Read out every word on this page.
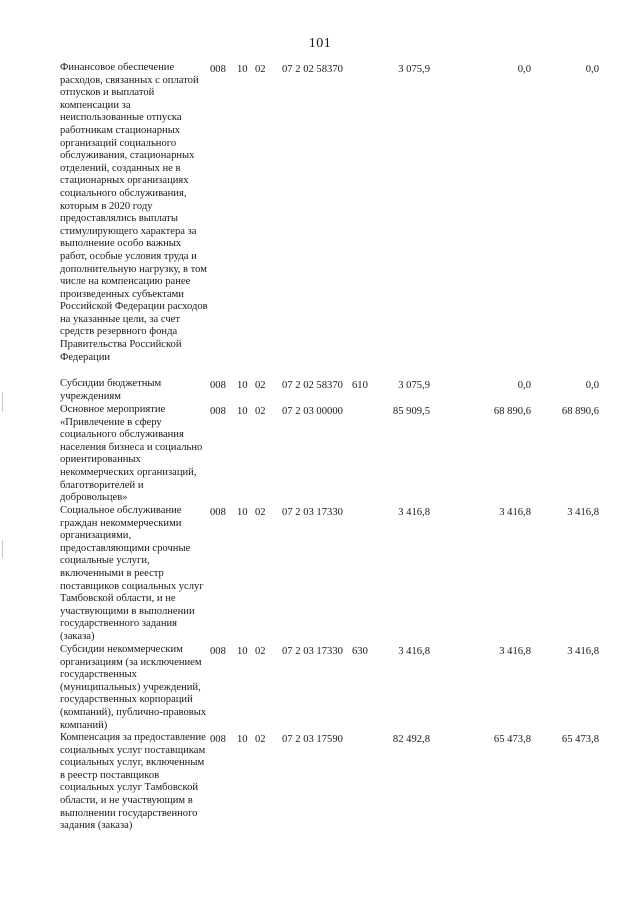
101
Финансовое обеспечение расходов, связанных с оплатой отпусков и выплатой компенсации за неиспользованные отпуска работникам стационарных организаций социального обслуживания, стационарных отделений, созданных не в стационарных организациях социального обслуживания, которым в 2020 году предоставлялись выплаты стимулирующего характера за выполнение особо важных работ, особые условия труда и дополнительную нагрузку, в том числе на компенсацию ранее произведенных субъектами Российской Федерации расходов на указанные цели, за счет средств резервного фонда Правительства Российской Федерации
008 10 02 07 2 02 58370	3 075,9	0,0	0,0
Субсидии бюджетным учреждениям
008 10 02 07 2 02 58370 610	3 075,9	0,0	0,0
Основное мероприятие «Привлечение в сферу социального обслуживания населения бизнеса и социально ориентированных некоммерческих организаций, благотворителей и добровольцев»
008 10 02 07 2 03 00000	85 909,5	68 890,6	68 890,6
Социальное обслуживание граждан некоммерческими организациями, предоставляющими срочные социальные услуги, включенными в реестр поставщиков социальных услуг Тамбовской области, и не участвующими в выполнении государственного задания (заказа)
008 10 02 07 2 03 17330	3 416,8	3 416,8	3 416,8
Субсидии некоммерческим организациям (за исключением государственных (муниципальных) учреждений, государственных корпораций (компаний), публично-правовых компаний)
008 10 02 07 2 03 17330 630	3 416,8	3 416,8	3 416,8
Компенсация за предоставление социальных услуг поставщикам социальных услуг, включенным в реестр поставщиков социальных услуг Тамбовской области, и не участвующим в выполнении государственного задания (заказа)
008 10 02 07 2 03 17590	82 492,8	65 473,8	65 473,8
